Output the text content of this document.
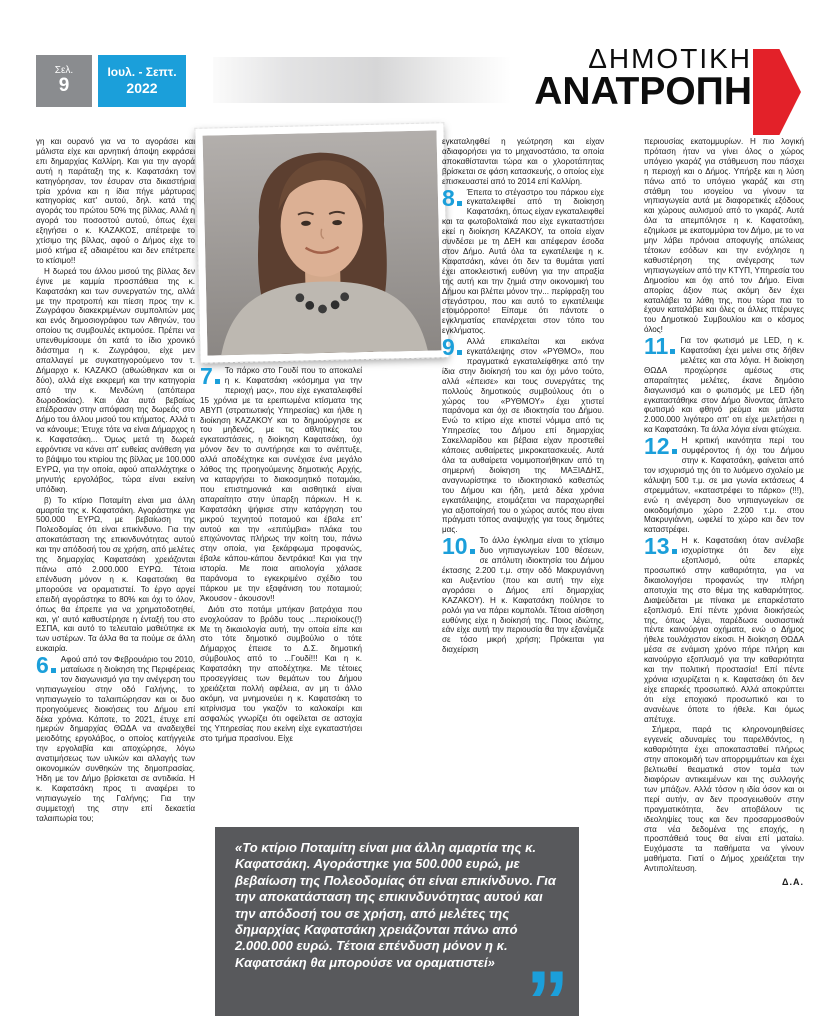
Σελ.
9
Ιουλ. - Σεπτ.
2022
ΔΗΜΟΤΙΚΗ
ΑΝΑΤΡΟΠΗ

γη και ουρανό για να το αγοράσει και μάλιστα είχε και αρνητική άποψη εκφράσει επι δημαρχίας Καλλίρη. Και για την αγορά αυτή η παράταξη της κ. Καφατσάκη τον κατηγόρησαν, τον έσυραν στα δικαστήρια τρία χρόνια και η ίδια πήγε μάρτυρας κατηγορίας κατ' αυτού, δηλ. κατά της αγοράς του πρώτου 50% της βίλλας. Αλλά η αγορά του ποσοστού αυτού, όπως έχει εξηγήσει ο κ. ΚΑΖΑΚΟΣ, απέτρεψε το χτίσιμο της βίλλας, αφού ο Δήμος είχε το μισό κτήμα εξ αδιαιρέτου και δεν επέτρεπε το κτίσιμο!!

Η δωρεά του άλλου μισού της βίλλας δεν έγινε με καμμία προσπάθεια της κ. Καφατσάκη και των συνεργατών της, αλλά με την προτροπή και πίεση προς την κ. Ζωγράφου διακεκριμένων συμπολιτών μας και ενός δημοσιογράφου των Αθηνών, του οποίου τις συμβουλές εκτιμούσε. Πρέπει να υπενθυμίσουμε ότι κατά το ίδιο χρονικό διάστημα η κ. Ζωγράφου, είχε μεν απαλλαγεί με συγκατηγορούμενο τον τ. Δήμαρχο κ. ΚΑΖΑΚΟ (αθωώθηκαν και οι δύο), αλλά είχε εκκρεμή και την κατηγορία από την κ. Μενδώνη (απόπειρα δωροδοκίας). Και όλα αυτά βεβαίως επέδρασαν στην απόφαση της δωρεάς στο Δήμο του άλλου μισού του κτήματος. Αλλά τι να κάνουμε; Έτυχε τότε να είναι Δήμαρχος η κ. Καφατσάκη... Όμως μετά τη δωρεά εφρόντισε να κάνει απ' ευθείας ανάθεση για το βάψιμο του κτιρίου της βίλλας με 100.000 ΕΥΡΩ, για την οποία, αφού απαλλάχτηκε ο μηνυτής εργολάβος, τώρα είναι εκείνη υπόδικη.

β) Το κτίριο Ποταμίτη είναι μια άλλη αμαρτία της κ. Καφατσάκη. Αγοράστηκε για 500.000 ΕΥΡΩ, με βεβαίωση της Πολεοδομίας ότι είναι επικίνδυνο. Για την αποκατάσταση της επικινδυνότητας αυτού και την απόδοσή του σε χρήση, από μελέτες της δημαρχίας Καφατσάκη χρειάζονται πάνω από 2.000.000 ΕΥΡΩ. Τέτοια επένδυση μόνον η κ. Καφατσάκη θα μπορούσε να οραματιστεί. Το έργο αργεί επειδή αγοράστηκε το 80% και όχι το όλον, όπως θα έπρεπε για να χρηματοδοτηθεί, και, γι' αυτό καθυστέρησε η ένταξή του στο ΕΣΠΑ, και αυτό το τελευταίο μαθεύτηκε εκ των υστέρων. Τα άλλα θα τα πούμε σε άλλη ευκαιρία.

6	Αφού από τον Φεβρουάριο του 2010, ματαίωσε η διοίκηση της Περιφέρειας τον διαγωνισμό για την ανέγερση του νηπιαγωγείου στην οδό Γαλήνης, το νηπιαγωγείο το ταλαιπώρησαν και οι δυο προηγούμενες διοικήσεις του Δήμου επί δέκα χρόνια. Κάποτε, το 2021, έτυχε επί ημερών δημαρχίας ΘΩΔΑ να αναδειχθεί μειοδότης εργολάβος, ο οποίος κατήγγειλε την εργολαβία και αποχώρησε, λόγω ανατιμήσεως των υλικών και αλλαγής των οικονομικών συνθηκών της δημοπρασίας. Ήδη με τον Δήμο βρίσκεται σε αντιδικία. Η κ. Καφατσάκη προς τι αναφέρει το νηπιαγωγείο της Γαλήνης; Για την συμμετοχή της στην επί δεκαετία ταλαιπωρία του;

7	Το πάρκο στο Γουδί που το αποκαλεί η κ. Καφατσάκη «κόσμημα για την περιοχή μας», που είχε εγκαταλειφθεί 15 χρόνια με τα ερειπωμένα κτίσματα της ΑΒΥΠ (στρατιωτικής Υπηρεσίας) και ήλθε η διοίκηση ΚΑΖΑΚΟΥ και το δημιούργησε εκ του μηδενός, με τις αθλητικές του εγκαταστάσεις, η διοίκηση Καφατσάκη, όχι μόνον δεν το συντήρησε και το ανέπτυξε, αλλά αποδέχτηκε και συνέχισε ένα μεγάλο λάθος της προηγούμενης δημοτικής Αρχής, να καταργήσει το διακοσμητικό ποταμάκι, που επιστημονικά και αισθητικά είναι απαραίτητο στην ύπαρξη πάρκων. Η κ. Καφατσάκη ψήφισε στην κατάργηση του μικρού τεχνητού ποταμού και έβαλε επ' αυτού και την «επιτύμβια» πλάκα του επιχώνοντας πλήρως την κοίτη του, πάνω στην οποία, για ξεκάρφωμα προφανώς, έβαλε κάπου-κάπου δεντράκια! Και για την ιστορία. Με ποια αιτιολογία χάλασε παράνομα το εγκεκριμένο σχέδιο του πάρκου με την εξαφάνιση του ποταμιού; Άκουσον - άκουσον!!

Διότι στο ποτάμι μπήκαν βατράχια που ενοχλούσαν το βράδυ τους ...περιοίκους(!) Με τη δικαιολογία αυτή, την οποία είπε και στο τότε δημοτικό συμβούλιο ο τότε Δήμαρχος έπεισε το Δ.Σ. δημοτική σύμβουλος από το ...Γουδί!!! Και η κ. Καφατσάκη την αποδέχτηκε. Με τέτοιες προσεγγίσεις των θεμάτων του Δήμου χρειάζεται πολλή αφέλεια, αν μη τι άλλο ακόμη, να μνημονεύει η κ. Καφατσάκη το κιτρίνισμα του γκαζόν το καλοκαίρι και ασφαλώς γνωρίζει ότι οφείλεται σε αστοχία της Υπηρεσίας που εκείνη είχε εγκαταστήσει στο τμήμα πρασίνου. Είχε

εγκαταληφθεί η γεώτρηση και είχαν αδιαφορήσει για το μηχανοστάσιο, τα οποία αποκαθίστανται τώρα και ο χλοροτάπητας βρίσκεται σε φάση κατασκευής, ο οποίος είχε επισκευαστεί από το 2014 επί Καλλίρη.

8	Έπειτα το στέγαστρο του πάρκου είχε εγκαταλειφθεί από τη διοίκηση Καφατσάκη, όπως είχαν εγκαταλειφθεί και τα φωτοβολταϊκά που είχε εγκαταστήσει εκεί η διοίκηση ΚΑΖΑΚΟΥ, τα οποία είχαν συνδέσει με τη ΔΕΗ και απέφεραν έσοδα στον Δήμο. Αυτά όλα τα εγκατέλειψε η κ. Καφατσάκη, κάνει ότι δεν τα θυμάται γιατί έχει αποκλειστική ευθύνη για την απραξία της αυτή και την ζημιά στην οικονομική του Δήμου και βλέπει μόνον την... περίφραξη του στεγάστρου, που και αυτό το εγκατέλειψε ετοιμόρροπο! Είπαμε ότι πάντοτε ο εγκληματίας επανέρχεται στον τόπο του εγκλήματος.

9	Αλλά επικαλείται και εικόνα εγκατάλειψης στον «ΡΥΘΜΟ», που πραγματικά εγκαταλείφθηκε από την ίδια στην διοίκησή του και όχι μόνο τούτο, αλλά «έπεισε» και τους συνεργάτες της πολλούς δημοτικούς συμβούλους ότι ο χώρος του «ΡΥΘΜΟΥ» έχει χτιστεί παράνομα και όχι σε ιδιοκτησία του Δήμου. Ενώ το κτίριο είχε κτιστεί νόμιμα από τις Υπηρεσίες του Δήμου επί δημαρχίας Σακελλαρίδου και βέβαια είχαν προστεθεί κάποιες αυθαίρετες μικροκατασκευές. Αυτά όλα τα αυθαίρετα νομιμοποιήθηκαν από τη σημερινή διοίκηση της ΜΑΞΙΑΔΗΣ, αναγνωρίστηκε το ιδιοκτησιακό καθεστώς του Δήμου και ήδη, μετά δέκα χρόνια εγκατάλειψης, ετοιμάζεται να παραχωρηθεί για αξιοποίησή του ο χώρος αυτός που είναι πράγματι τόπος αναψυχής για τους δημότες μας.

10	Το άλλο έγκλημα είναι το χτίσιμο δυο νηπιαγωγείων 100 θέσεων, σε απόλυτη ιδιοκτησία του Δήμου έκτασης 2.200 τ.μ. στην οδό Μακρυγιάννη και Αυξεντίου (που και αυτή την είχε αγοράσει ο Δήμος επί δημαρχίας ΚΑΖΑΚΟΥ). Η κ. Καφατσάκη πούλησε το ρολόι για να πάρει κομπολόι. Τέτοια αίσθηση ευθύνης είχε η διοίκησή της. Ποιος ιδιώτης, εάν είχε αυτή την περιουσία θα την εξανέμιζε σε τόσο μικρή χρήση; Πρόκειται για διαχείριση

περιουσίας εκατομμυρίων. Η πιο λογική πρόταση ήταν να γίνει όλος ο χώρος υπόγειο γκαράζ για στάθμευση που πάσχει η περιοχή και ο Δήμος. Υπήρξε και η λύση πάνω από το υπόγειο γκαράζ και στη στάθμη του ισογείου να γίνουν τα νηπιαγωγεία αυτά με διαφορετικές εξόδους και χώρους αυλισμού από το γκαράζ. Αυτά όλα τα απεμπόλησε η κ. Καφατσάκη, εζημίωσε με εκατομμύρια τον Δήμο, με το να μην λάβει πρόνοια αποφυγής απώλειας τέτοιων εσόδων και την ενόχλησε η καθυστέρηση της ανέγερσης των νηπιαγωγείων από την ΚΤΥΠ, Υπηρεσία του Δημοσίου και όχι από τον Δήμο. Είναι απορίας άξιον πως ακόμη δεν έχει καταλάβει τα λάθη της, που τώρα πια το έχουν καταλάβει και όλες οι άλλες πτέρυγες του Δημοτικού Συμβουλίου και ο κόσμος όλος!

11	Για τον φωτισμό με LED, η κ. Καφατσάκη έχει μείνει στις δήθεν μελέτες και στα λόγια. Η διοίκηση ΘΩΔΑ προχώρησε αμέσως στις απαραίτητες μελέτες, έκανε δημόσιο διαγωνισμό και ο φωτισμός με LED ήδη εγκαταστάθηκε στον Δήμο δίνοντας άπλετο φωτισμό και φθηνό ρεύμα και μάλιστα 2.000.000 λιγότερο απ' οτι είχε μελετήσει η κα Καφατσάκη. Τα άλλα λόγια είναι φτώχεια.

12	Η κριτική ικανότητα περί του συμφέροντος ή όχι του Δήμου στην κ. Καφατσάκη, φαίνεται από τον ισχυρισμό της ότι το λυόμενο σχολείο με κάλυψη 500 τ.μ. σε μια γωνία εκτάσεως 4 στρεμμάτων, «καταστρέφει το πάρκο» (!!!), ενώ η ανέγερση δυο νηπιαγωγείων σε οικοδομήσιμο χώρο 2.200 τ.μ. στου Μακρυγιάννη, ωφελεί το χώρο και δεν τον καταστρέφει.

13	Η κ. Καφατσάκη όταν ανέλαβε ισχυρίστηκε ότι δεν είχε εξοπλισμό, ούτε επαρκές προσωπικό στην καθαριότητα, για να δικαιολογήσει προφανώς την πλήρη αποτυχία της στο θέμα της καθαριότητος. Διαψεύδεται με πίνακα με επαρκέστατο εξοπλισμό. Επί πέντε χρόνια διοικήσεώς της, όπως λέγει, παρέδωσε ουσιαστικά πέντε καινούργια οχήματα, ενώ ο Δήμος ήθελε τουλάχιστον είκοσι. Η διοίκηση ΘΩΔΑ μέσα σε ενάμιση χρόνο πήρε πλήρη και καινούργιο εξοπλισμό για την καθαριότητα και την πολιτική προστασία! Επί πέντε χρόνια ισχυρίζεται η κ. Καφατσάκη ότι δεν είχε επαρκές προσωπικό. Αλλά αποκρύπτει ότι είχε εποχιακό προσωπικό και το ανανέωνε όποτε το ήθελε. Και όμως απέτυχε.

Σήμερα, παρά τις κληρονομηθείσες εγγενείς αδυναμίες του παρελθόντος, η καθαριότητα έχει αποκατασταθεί πλήρως στην αποκομιδή των απορριμμάτων και έχει βελτιωθεί θεαματικά στον τομέα των διαφόρων αντικειμένων και της συλλογής των μπάζων. Αλλά τόσον η ιδία όσον και οι περί αυτήν, αν δεν προσγειωθούν στην πραγματικότητα, δεν αποβάλουν τις ιδεοληψίες τους και δεν προσαρμοσθούν στα νέα δεδομένα της εποχής, η προσπάθειά τους θα είναι επί ματαίω. Ευχόμαστε τα παθήματα να γίνουν μαθήματα. Γιατί ο Δήμος χρειάζεται την Αντιπολίτευση.

Δ.Α.

«Το κτίριο Ποταμίτη είναι μια άλλη αμαρτία της κ. Καφατσάκη. Αγοράστηκε για 500.000 ευρώ, με βεβαίωση της Πολεοδομίας ότι είναι επικίνδυνο. Για την αποκατάσταση της επικινδυνότητας αυτού και την απόδοσή του σε χρήση, από μελέτες της δημαρχίας Καφατσάκη χρειάζονται πάνω από 2.000.000 ευρώ. Τέτοια επένδυση μόνον η κ. Καφατσάκη θα μπορούσε να οραματιστεί» ”
